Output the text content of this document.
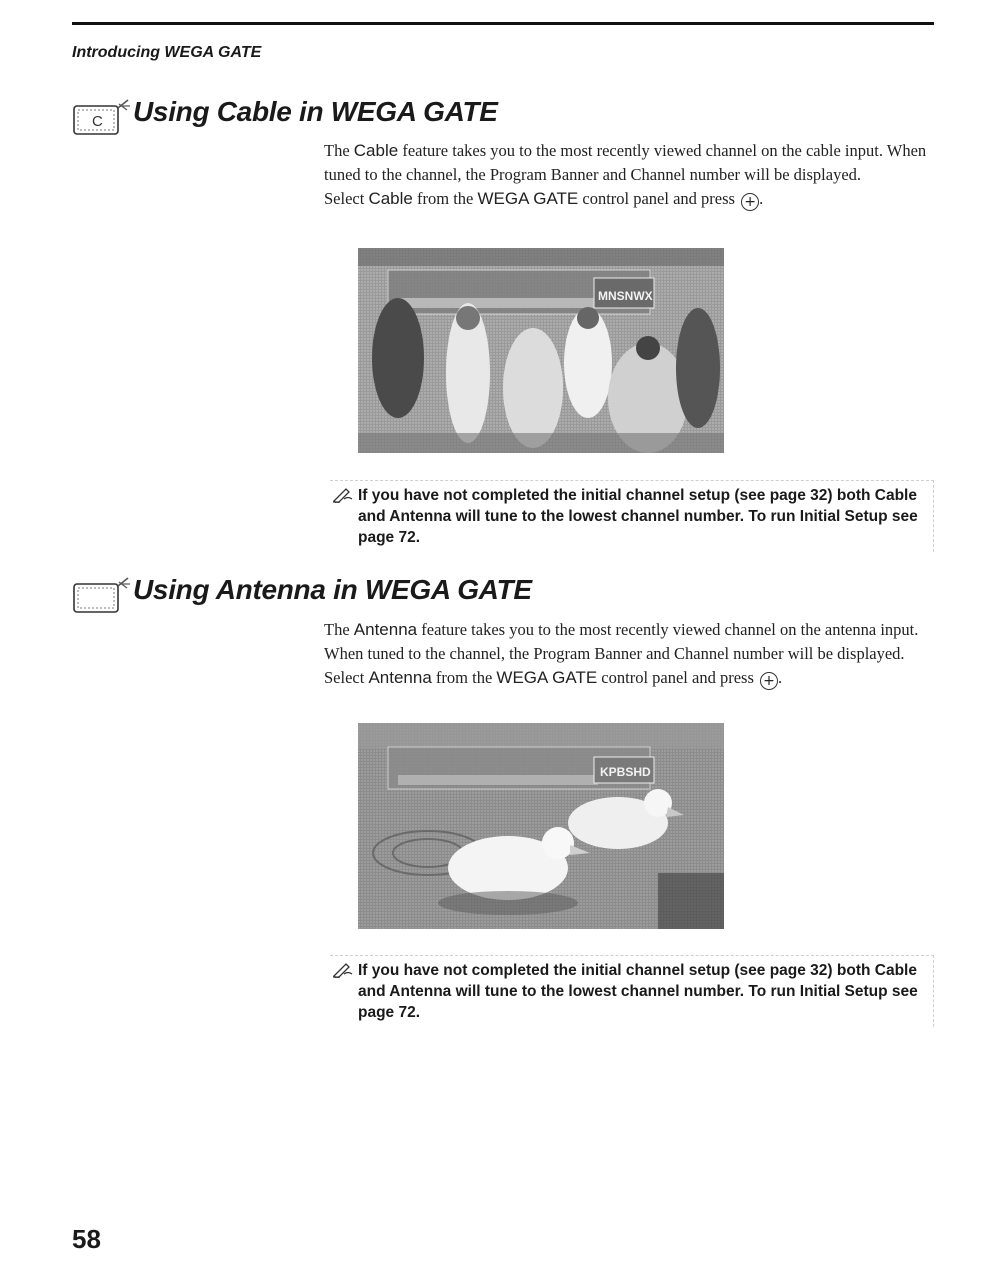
Introducing WEGA GATE
C Using Cable in WEGA GATE
The Cable feature takes you to the most recently viewed channel on the cable input. When tuned to the channel, the Program Banner and Channel number will be displayed.
Select Cable from the WEGA GATE control panel and press + .
MNSNWX
If you have not completed the initial channel setup (see page 32) both Cable and Antenna will tune to the lowest channel number. To run Initial Setup see page 72.
Using Antenna in WEGA GATE
The Antenna feature takes you to the most recently viewed channel on the antenna input. When tuned to the channel, the Program Banner and Channel number will be displayed.
Select Antenna from the WEGA GATE control panel and press + .
KPBSHD
If you have not completed the initial channel setup (see page 32) both Cable and Antenna will tune to the lowest channel number. To run Initial Setup see page 72.
58
